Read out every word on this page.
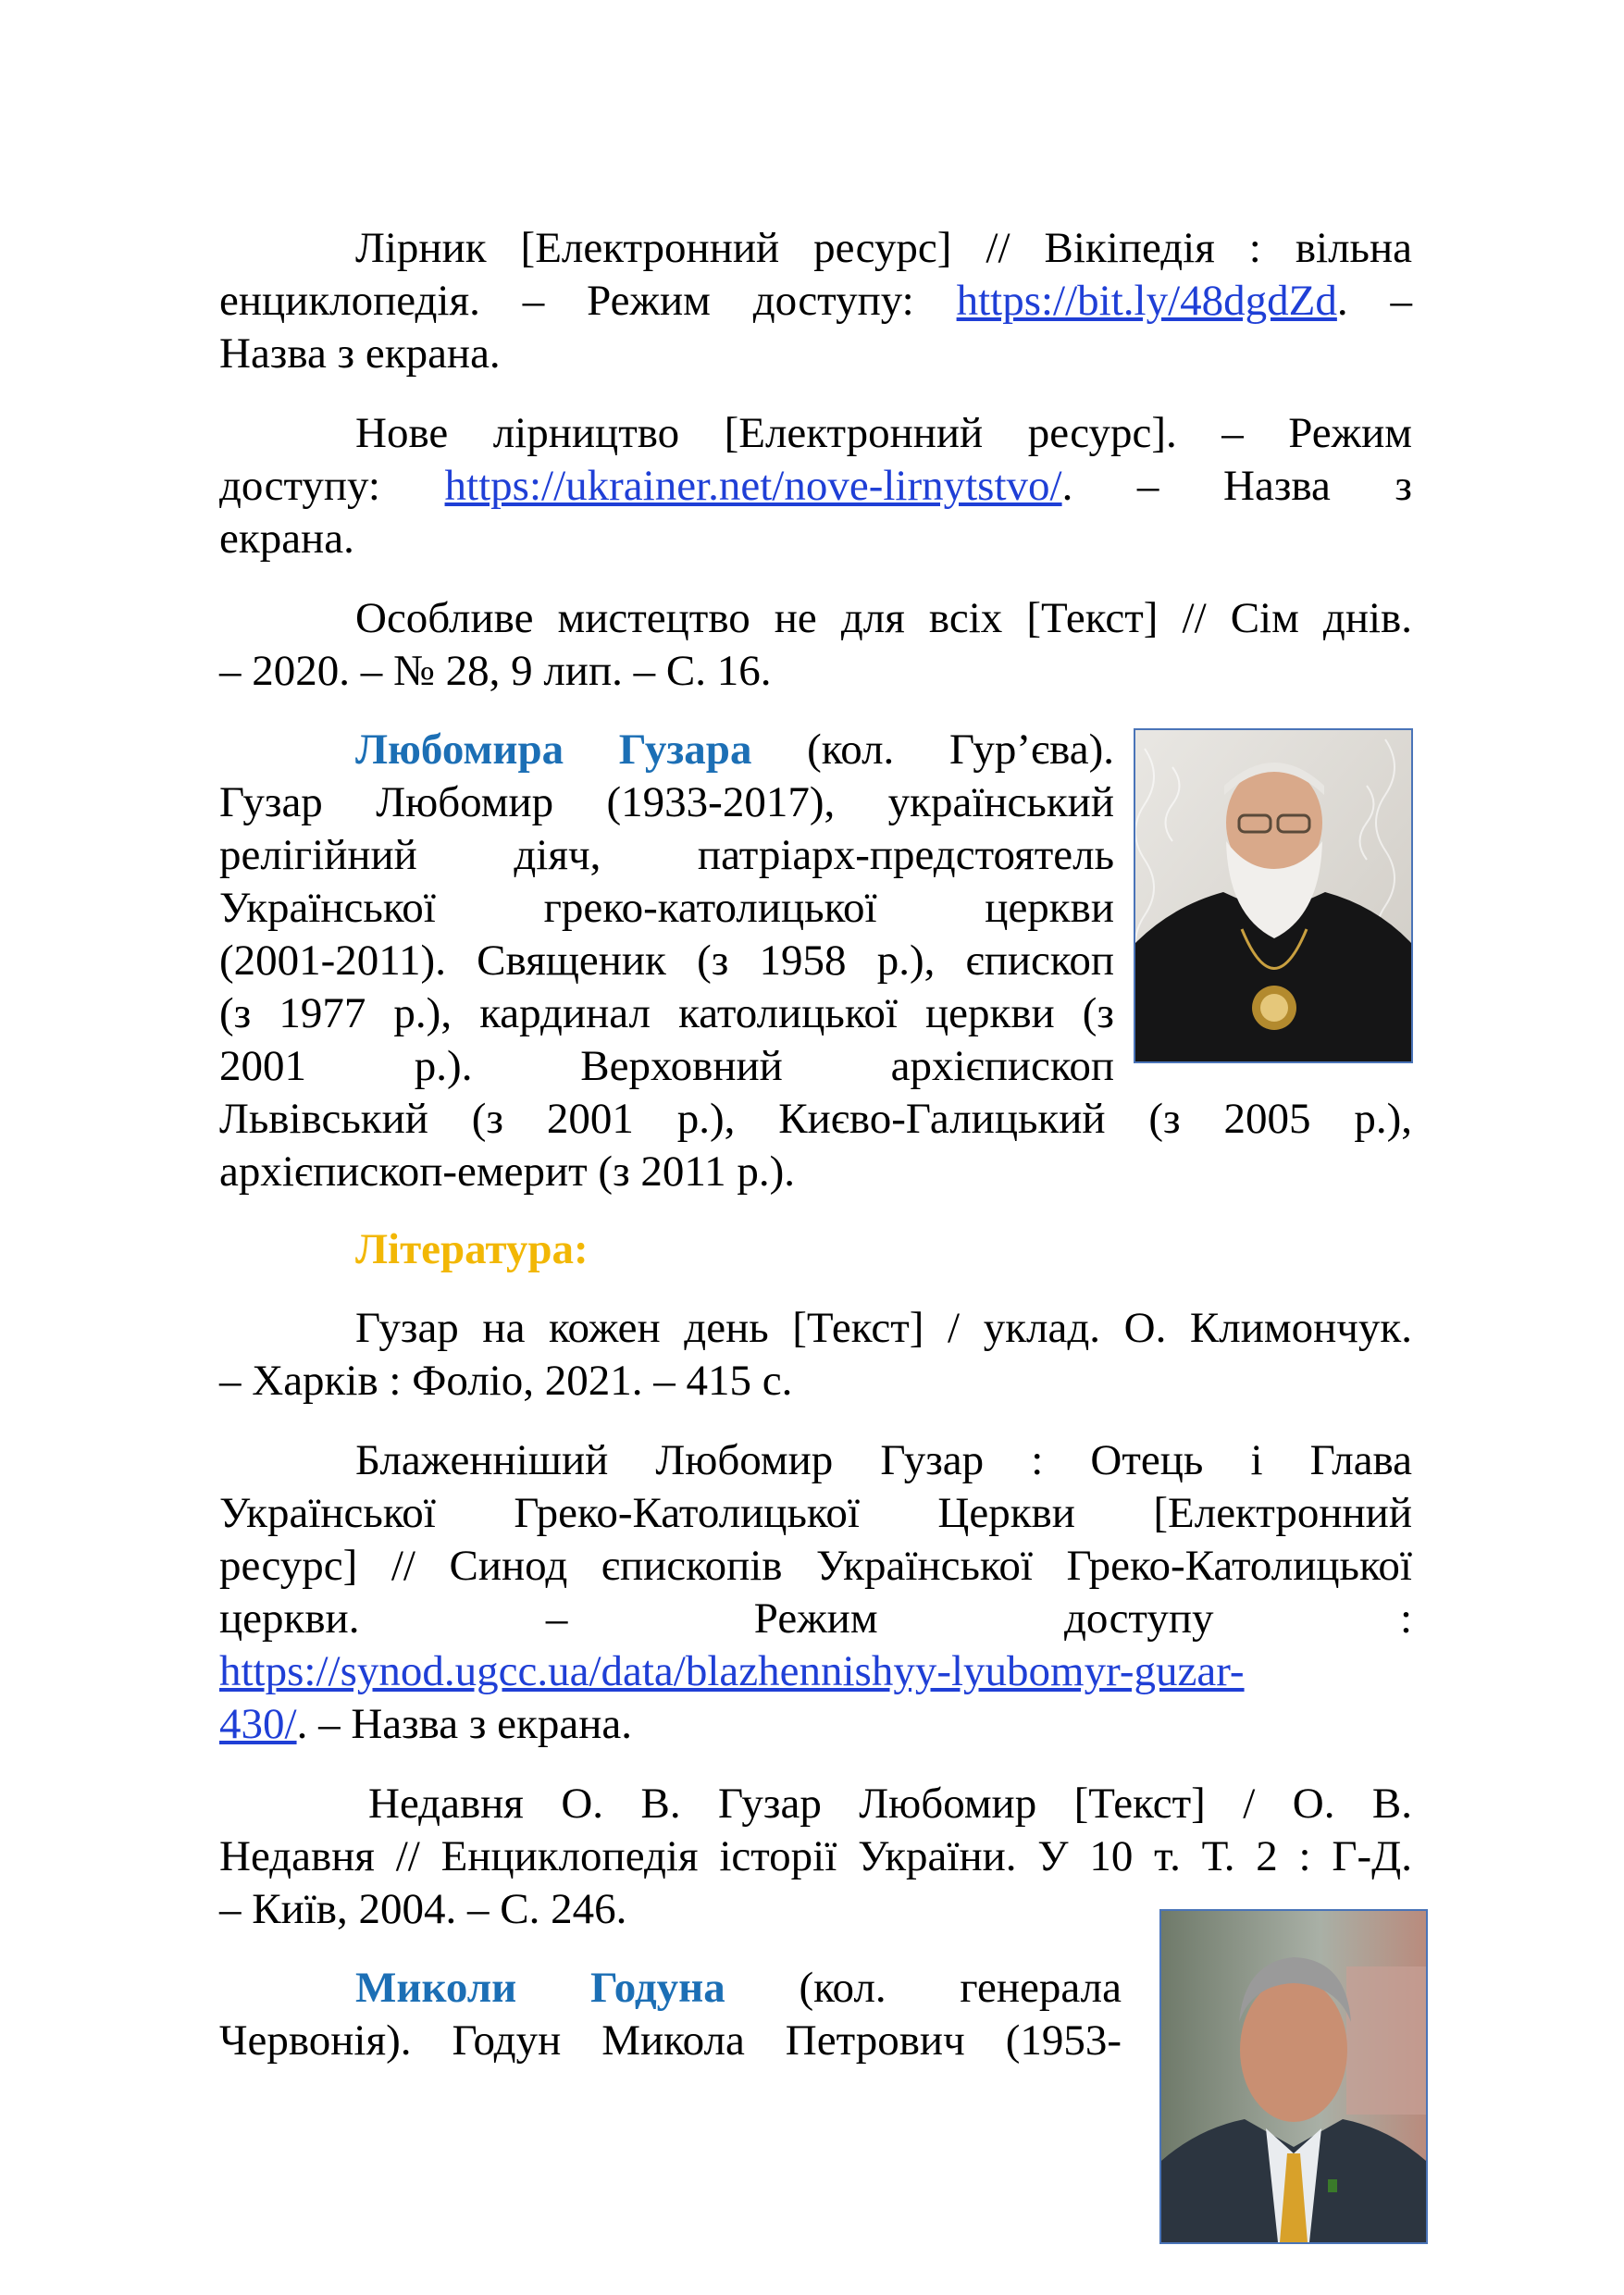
Лірник [Електронний ресурс] // Вікіпедія : вільна
енциклопедія. – Режим доступу: https://bit.ly/48dgdZd. –
Назва з екрана.
Нове лірництво [Електронний ресурс]. – Режим
доступу: https://ukrainer.net/nove-lirnytstvo/. – Назва з
екрана.
Особливе мистецтво не для всіх [Текст] // Сім днів.
– 2020. – № 28, 9 лип. – С. 16.
Любомира Гузара (кол. Гур’єва).
Гузар Любомир (1933-2017), український
релігійний діяч, патріарх-предстоятель
Української греко-католицької церкви
(2001-2011). Священик (з 1958 р.), єпископ
(з 1977 р.), кардинал католицької церкви (з
2001 р.). Верховний архієпископ
Львівський (з 2001 р.), Києво-Галицький (з 2005 р.),
архієпископ-емерит (з 2011 р.).
Література:
Гузар на кожен день [Текст] / уклад. О. Климончук.
– Харків : Фоліо, 2021. – 415 с.
Блаженніший Любомир Гузар : Отець і Глава
Української Греко-Католицької Церкви [Електронний
ресурс] // Синод єпископів Української Греко-Католицької
церкви. – Режим доступу :
https://synod.ugcc.ua/data/blazhennishyy-lyubomyr-guzar-
430/. – Назва з екрана.
Недавня О. В. Гузар Любомир [Текст] / О. В.
Недавня // Енциклопедія історії України. У 10 т. Т. 2 : Г-Д.
– Київ, 2004. – С. 246.
Миколи Годуна (кол. генерала
Червонія). Годун Микола Петрович (1953-
